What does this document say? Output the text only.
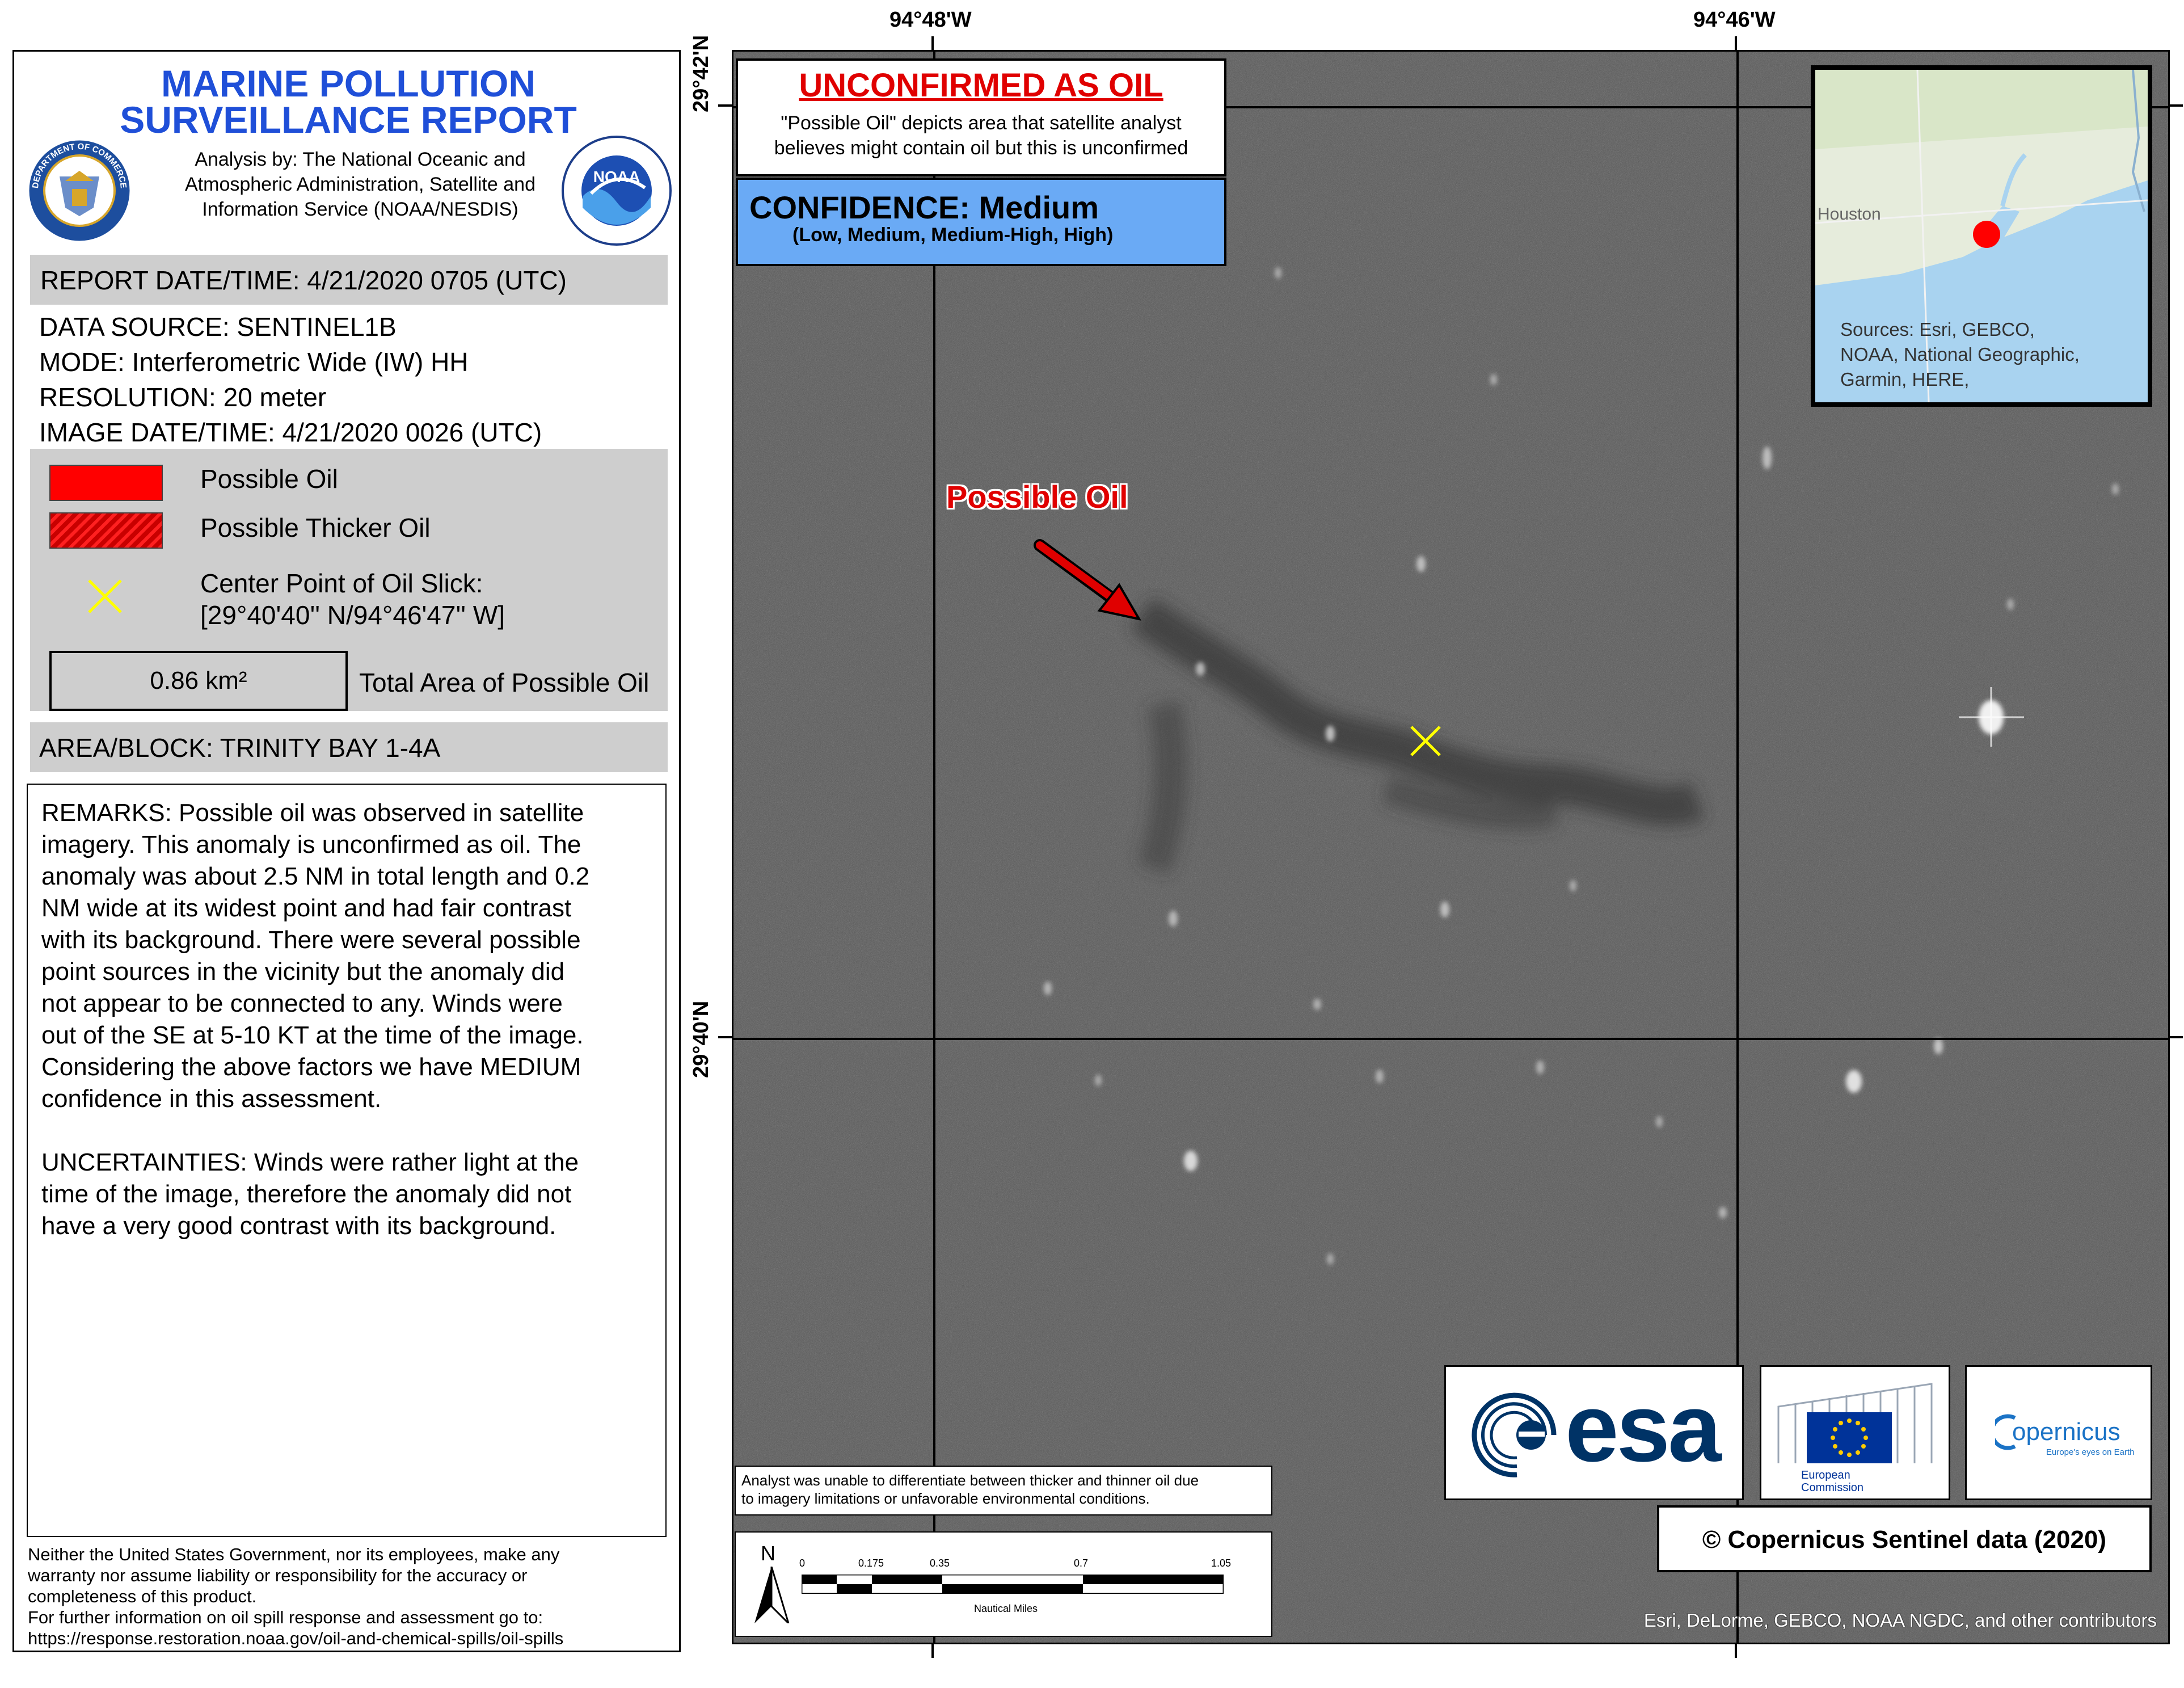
MARINE POLLUTION
SURVEILLANCE REPORT
DEPARTMENT OF COMMERCE
Analysis by: The National Oceanic and
Atmospheric Administration, Satellite and
Information Service (NOAA/NESDIS)
NOAA
REPORT DATE/TIME: 4/21/2020 0705 (UTC)
DATA SOURCE: SENTINEL1B
MODE: Interferometric Wide (IW) HH
RESOLUTION: 20 meter
IMAGE DATE/TIME: 4/21/2020 0026 (UTC)
Possible Oil
Possible Thicker Oil
Center Point of Oil Slick:
[29°40'40'' N/94°46'47'' W]
0.86 km²	Total Area of Possible Oil
AREA/BLOCK: TRINITY BAY 1-4A
REMARKS: Possible oil was observed in satellite
imagery. This anomaly is unconfirmed as oil. The
anomaly was about 2.5 NM in total length and 0.2
NM wide at its widest point and had fair contrast
with its background. There were several possible
point sources in the vicinity but the anomaly did
not appear to be connected to any. Winds were
out of the SE at 5-10 KT at the time of the image.
Considering the above factors we have MEDIUM
confidence in this assessment.
UNCERTAINTIES: Winds were rather light at the
time of the image, therefore the anomaly did not
have a very good contrast with its background.
Neither the United States Government, nor its employees, make any
warranty nor assume liability or responsibility for the accuracy or
completeness of this product.
For further information on oil spill response and assessment go to:
https://response.restoration.noaa.gov/oil-and-chemical-spills/oil-spills
94°48'W	94°46'W
29°42'N
29°40'N
Possible Oil
UNCONFIRMED AS OIL
"Possible Oil" depicts area that satellite analyst
believes might contain oil but this is unconfirmed
CONFIDENCE: Medium
(Low, Medium, Medium-High, High)
Houston
Sources: Esri, GEBCO,
NOAA, National Geographic,
Garmin, HERE,
esa	European
Commission
opernicus
Europe's eyes on Earth
Analyst was unable to differentiate between thicker and thinner oil due
to imagery limitations or unfavorable environmental conditions.
N 0	0.175	0.35	0.7	1.05
Nautical Miles
© Copernicus Sentinel data (2020)
Esri, DeLorme, GEBCO, NOAA NGDC, and other contributors
